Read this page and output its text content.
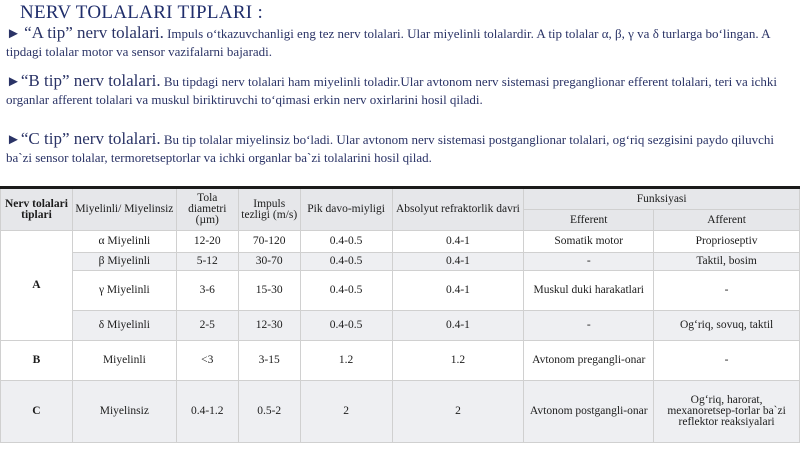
NERV TOLALARI TIPLARI :
► “A tip” nerv tolalari. Impuls o‘tkazuvchanligi eng tez nerv tolalari. Ular miyelinli tolalardir. A tip tolalar α, β, γ va δ turlarga bo‘lingan. A tipdagi tolalar motor va sensor vazifalarni bajaradi.
►“B tip” nerv tolalari. Bu tipdagi nerv tolalari ham miyelinli toladir.Ular avtonom nerv sistemasi preganglionar efferent tolalari, teri va ichki organlar afferent tolalari va muskul biriktiruvchi to‘qimasi erkin nerv oxirlarini hosil qiladi.
►“C tip” nerv tolalari. Bu tip tolalar miyelinsiz bo‘ladi. Ular avtonom nerv sistemasi postganglionar tolalari, og‘riq sezgisini paydo qiluvchi ba`zi sensor tolalar, termoretseptorlar va ichki organlar ba`zi tolalarini hosil qilad.
Nerv tolalari tiplari	Miyelinli/ Miyelinsiz	Tola diametri (µm)	Impuls tezligi (m/s)	Pik davo-miyligi	Absolyut refraktorlik davri	Funksiyasi	
						Efferent	Afferent
A	α Miyelinli	12-20	70-120	0.4-0.5	0.4-1	Somatik motor	Proprioseptiv
	β Miyelinli	5-12	30-70	0.4-0.5	0.4-1	-	Taktil, bosim
	γ Miyelinli	3-6	15-30	0.4-0.5	0.4-1	Muskul duki harakatlari	-
	δ Miyelinli	2-5	12-30	0.4-0.5	0.4-1	-	Og‘riq, sovuq, taktil
B	Miyelinli	<3	3-15	1.2	1.2	Avtonom pregangli-onar	-
C	Miyelinsiz	0.4-1.2	0.5-2	2	2	Avtonom postgangli-onar	Og‘riq, harorat, mexanoretsep-torlar ba`zi reflektor reaksiyalari
